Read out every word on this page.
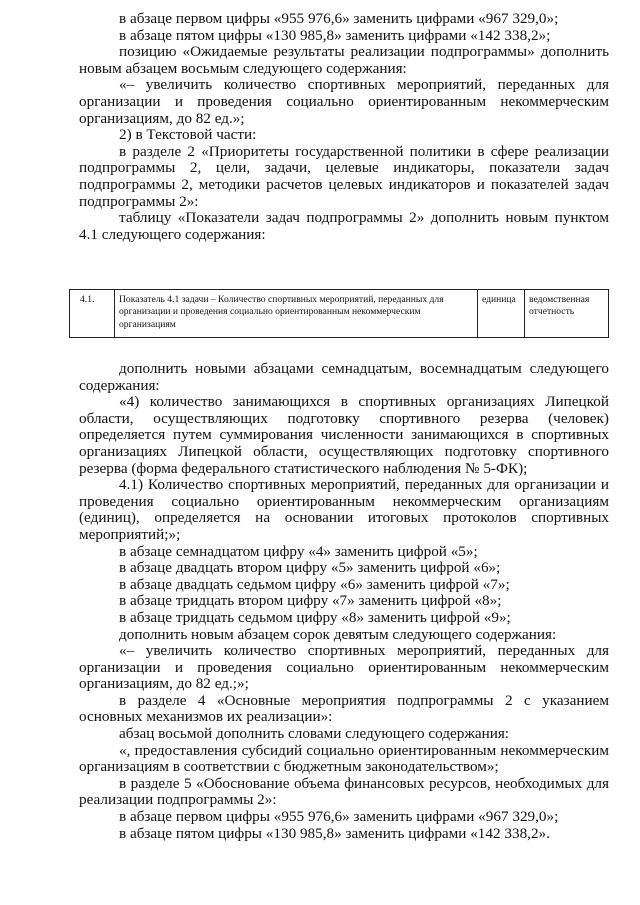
в абзаце первом цифры «955 976,6» заменить цифрами «967 329,0»;

в абзаце пятом цифры «130 985,8» заменить цифрами «142 338,2»;

позицию «Ожидаемые результаты реализации подпрограммы» дополнить новым абзацем восьмым следующего содержания:

«– увеличить количество спортивных мероприятий, переданных для организации и проведения социально ориентированным некоммерческим организациям, до 82 ед.»;

2) в Текстовой части:

в разделе 2 «Приоритеты государственной политики в сфере реализации подпрограммы 2, цели, задачи, целевые индикаторы, показатели задач подпрограммы 2, методики расчетов целевых индикаторов и показателей задач подпрограммы 2»:

таблицу «Показатели задач подпрограммы 2» дополнить новым пунктом 4.1 следующего содержания:

4.1.	Показатель 4.1 задачи – Количество спортивных мероприятий, переданных для организации и проведения социально ориентированным некоммерческим организациям	единица	ведомственная отчетность

дополнить новыми абзацами семнадцатым, восемнадцатым следующего содержания:

«4) количество занимающихся в спортивных организациях Липецкой области, осуществляющих подготовку спортивного резерва (человек) определяется путем суммирования численности занимающихся в спортивных организациях Липецкой области, осуществляющих подготовку спортивного резерва (форма федерального статистического наблюдения № 5-ФК);

4.1) Количество спортивных мероприятий, переданных для организации и проведения социально ориентированным некоммерческим организациям (единиц), определяется на основании итоговых протоколов спортивных мероприятий;»;

в абзаце семнадцатом цифру «4» заменить цифрой «5»;

в абзаце двадцать втором цифру «5» заменить цифрой «6»;

в абзаце двадцать седьмом цифру «6» заменить цифрой «7»;

в абзаце тридцать втором цифру «7» заменить цифрой «8»;

в абзаце тридцать седьмом цифру «8» заменить цифрой «9»;

дополнить новым абзацем сорок девятым следующего содержания:

«– увеличить количество спортивных мероприятий, переданных для организации и проведения социально ориентированным некоммерческим организациям, до 82 ед.;»;

в разделе 4 «Основные мероприятия подпрограммы 2 с указанием основных механизмов их реализации»:

абзац восьмой дополнить словами следующего содержания:

«, предоставления субсидий социально ориентированным некоммерческим организациям в соответствии с бюджетным законодательством»;

в разделе 5 «Обоснование объема финансовых ресурсов, необходимых для реализации подпрограммы 2»:

в абзаце первом цифры «955 976,6» заменить цифрами «967 329,0»;

в абзаце пятом цифры «130 985,8» заменить цифрами «142 338,2».
